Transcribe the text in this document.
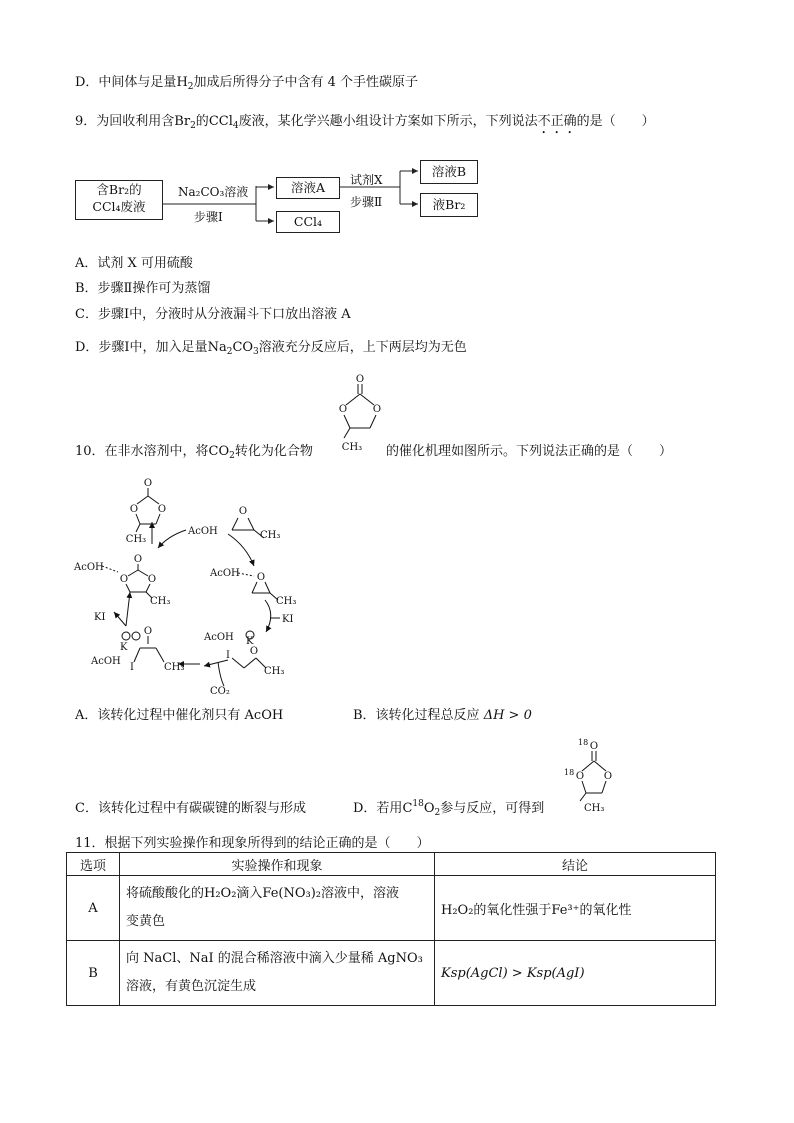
D．中间体与足量$H_2$加成后所得分子中含有 4 个手性碳原子
9．为回收利用含$Br_2$的CCl$_4$废液，某化学兴趣小组设计方案如下所示，下列说法不正确的是（　　）
含Br₂的
CCl₄废液
Na₂CO₃溶液
步骤Ⅰ
溶液A
CCl₄
试剂X
步骤Ⅱ
溶液B
液Br₂
A．试剂 X 可用硫酸
B．步骤Ⅱ操作可为蒸馏
C．步骤Ⅰ中，分液时从分液漏斗下口放出溶液 A
D．步骤Ⅰ中，加入足量$Na_2CO_3$溶液充分反应后，上下两层均为无色
10．在非水溶剂中，将$CO_2$转化为化合物
O
O	O
CH₃ 的催化机理如图所示。下列说法正确的是（　　）
O
O O
CH₃
AcOH
O
CH₃
AcOH O
CH₃
KI
AcOH K
O
I
CH₃
CO₂
AcOH
K
O
I	CH₃
KI
AcOH
O
O O
CH₃
A．该转化过程中催化剂只有 AcOH	B．该转化过程总反应 ΔH > 0
18 O
18 O O
CH₃
C．该转化过程中有碳碳键的断裂与形成	D．若用$C^{18}O_2$参与反应，可得到
11．根据下列实验操作和现象所得到的结论正确的是（　　）
选项	实验操作和现象	结论
A	将硫酸酸化的H₂O₂滴入Fe(NO₃)₂溶液中，溶液
变黄色	H₂O₂的氧化性强于Fe³⁺的氧化性
B	向 NaCl、NaI 的混合稀溶液中滴入少量稀 AgNO₃
溶液，有黄色沉淀生成	Ksp(AgCl) > Ksp(AgI)
